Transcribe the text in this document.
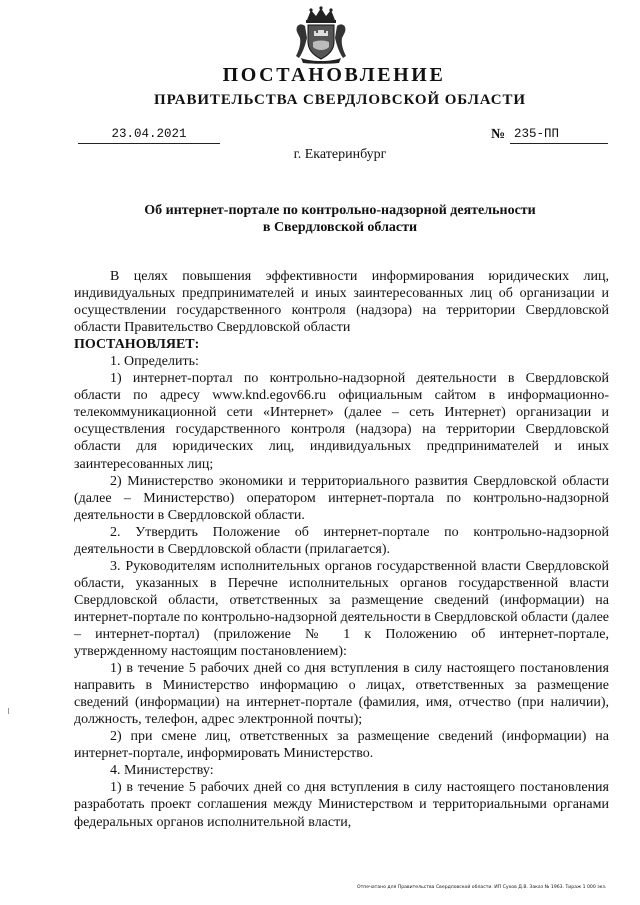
ПОСТАНОВЛЕНИЕ
ПРАВИТЕЛЬСТВА СВЕРДЛОВСКОЙ ОБЛАСТИ
23.04.2021	№ 235-ПП
г. Екатеринбург
Об интернет-портале по контрольно-надзорной деятельности
в Свердловской области

В целях повышения эффективности информирования юридических лиц, индивидуальных предпринимателей и иных заинтересованных лиц об организации и осуществлении государственного контроля (надзора) на территории Свердловской области Правительство Свердловской области

ПОСТАНОВЛЯЕТ:

1. Определить:

1) интернет-портал по контрольно-надзорной деятельности в Свердловской области по адресу www.knd.egov66.ru официальным сайтом в информационно-телекоммуникационной сети «Интернет» (далее – сеть Интернет) организации и осуществления государственного контроля (надзора) на территории Свердловской области для юридических лиц, индивидуальных предпринимателей и иных заинтересованных лиц;

2) Министерство экономики и территориального развития Свердловской области (далее – Министерство) оператором интернет-портала по контрольно-надзорной деятельности в Свердловской области.

2. Утвердить Положение об интернет-портале по контрольно-надзорной деятельности в Свердловской области (прилагается).

3. Руководителям исполнительных органов государственной власти Свердловской области, указанных в Перечне исполнительных органов государственной власти Свердловской области, ответственных за размещение сведений (информации) на интернет-портале по контрольно-надзорной деятельности в Свердловской области (далее – интернет-портал) (приложение № 1 к Положению об интернет-портале, утвержденному настоящим постановлением):

1) в течение 5 рабочих дней со дня вступления в силу настоящего постановления направить в Министерство информацию о лицах, ответственных за размещение сведений (информации) на интернет-портале (фамилия, имя, отчество (при наличии), должность, телефон, адрес электронной почты);

2) при смене лиц, ответственных за размещение сведений (информации) на интернет-портале, информировать Министерство.

4. Министерству:

1) в течение 5 рабочих дней со дня вступления в силу настоящего постановления разработать проект соглашения между Министерством и территориальными органами федеральных органов исполнительной власти,

Отпечатано для Правительства Свердловской области. ИП Сухов Д.В. Заказ № 1963. Тираж 1 000 экз.
